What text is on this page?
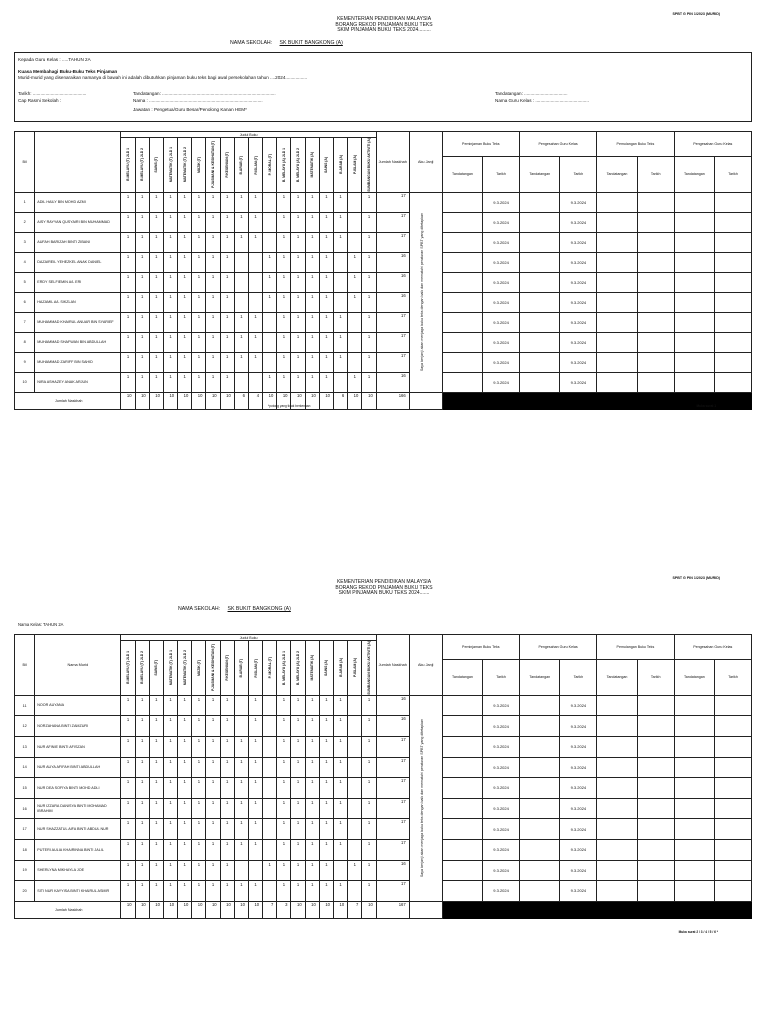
SPBT G PIN 1/2023 (MURID)
KEMENTERIAN PENDIDIKAN MALAYSIA
BORANG REKOD PINJAMAN BUKU TEKS
SKIM PINJAMAN BUKU TEKS 2024.........
NAMA SEKOLAH: SK BUKIT BANGKONG (A)
Kepada Guru Kelas : .....TAHUN 2A
Kuasa Membahagi Buku-Buku Teks Pinjaman
Murid-murid yang disenaraikan namanya di bawah ini adalah dibutuhkan pinjaman buku teks bagi awal persekolahan tahun ....2024.................
Tarikh: ..........................................
Cap Rasmi Sekolah :
Tandatangan: .........................................................................................
Nama : .........................................................................................
Jawatan : Pengetua/Guru Besar/Penolong Kanan HEM*
Tandatangan: ..................................
Nama Guru Kelas : ..........................................
Bil		Judul Buku																		Jumlah Naskhah	Aku Janji	Peminjaman Buku Teks		Pengesahan Guru Kelas		Pemulangan Buku Teks		Pengesahan Guru Kelas	

		B.MELAYU (T) JLD 1	B.MELAYU (T) JLD 2	SAINS (T)	MATEMATIK (T) JLD 1	MATEMATIK (T) JLD 2	MUZIK (T)	P.JASMANI & KESIHATAN (T)	P.KESENIAN (T)	B.ARAB (T)	P.ISLAM (T)	P. MORAL (T)	B. MELAYU (A) JLD 1	B. MELAYU (A) JLD 2	MATEMATIK (A)	SAINS (A)	B.ARAB (A)	P.ISLAM (A)	SUMBANGAN BUKU AKTIVITI (A)										

																						Tandatangan	Tarikh	Tandatangan	Tarikh	Tandatangan	Tarikh	Tandatangan	Tarikh
1	ADIL HAILY BIN MOHD AZMI	1	1	1	1	1	1	1	1	1	1		1	1	1	1	1		1	17	Saya berjanji akan menjaga buku teks dengan baik dan mematuhi peraturan SPBT yang ditetapkan		9.3.2024		9.3.2024				
2	AISY RAYYAN QUSYAIRI BIN MUHAMMAD	1	1	1	1	1	1	1	1	1	1		1	1	1	1	1		1	17			9.3.2024		9.3.2024				
3	AUFAH BARIZAH BINTI ZIBANI	1	1	1	1	1	1	1	1	1	1		1	1	1	1	1		1	17			9.3.2024		9.3.2024				
4	DAZAIREIL YEHEZKEL ANAK DANIEL	1	1	1	1	1	1	1	1			1	1	1	1	1		1	1	16			9.3.2024		9.3.2024				
5	ERDY SELFIEMIN A/L ERI	1	1	1	1	1	1	1	1			1	1	1	1	1		1	1	16			9.3.2024		9.3.2024				
6	HAZAMIL A/L SIKZLAN	1	1	1	1	1	1	1	1			1	1	1	1	1		1	1	16			9.3.2024		9.3.2024				
7	MUHAMMAD KHAIRUL ANUAR BIN SYARIEF	1	1	1	1	1	1	1	1	1	1		1	1	1	1	1		1	17			9.3.2024		9.3.2024				
8	MUHAMMAD SHAFWAN BIN ABDULLAH	1	1	1	1	1	1	1	1	1	1		1	1	1	1	1		1	17			9.3.2024		9.3.2024				
9	MUHAMMAD ZARIFF BIN SAHID	1	1	1	1	1	1	1	1	1	1		1	1	1	1	1		1	17			9.3.2024		9.3.2024				
10	NIRA ASHAZEY ANAK ARJUN	1	1	1	1	1	1	1	1			1	1	1	1	1		1	1	16			9.3.2024		9.3.2024				
Jumlah Naskhah		10	10	10	10	10	10	10	10	6	4	10	10	10	10	10	6	10	10	166									
*potong yang tidak berkenaan	Muka surat 1
SPBT G PIN 1/2023 (MURID)
KEMENTERIAN PENDIDIKAN MALAYSIA
BORANG REKOD PINJAMAN BUKU TEKS
SKIM PINJAMAN BUKU TEKS 2024.......
NAMA SEKOLAH: SK BUKIT BANGKONG (A)
Nama Kelas: TAHUN 2A
Bil	Nama Murid	Judul Buku																		Jumlah Naskhah	Aku Janji	Peminjaman Buku Teks		Pengesahan Guru Kelas		Pemulangan Buku Teks		Pengesahan Guru Kelas	

		B.MELAYU (T) JLD 1	B.MELAYU (T) JLD 2	SAINS (T)	MATEMATIK (T) JLD 1	MATEMATIK (T) JLD 2	MUZIK (T)	P.JASMANI & KESIHATAN (T)	P.KESENIAN (T)	B.ARAB (T)	P.ISLAM (T)	P. MORAL (T)	B. MELAYU (A) JLD 1	B. MELAYU (A) JLD 2	MATEMATIK (A)	SAINS (A)	B.ARAB (A)	P.ISLAM (A)	SUMBANGAN BUKU AKTIVITI (A)										

																						Tandatangan	Tarikh	Tandatangan	Tarikh	Tandatangan	Tarikh	Tandatangan	Tarikh
11	NOOR AUYANA	1	1	1	1	1	1	1	1		1		1	1	1	1	1		1	16	Saya berjanji akan menjaga buku teks dengan baik dan mematuhi peraturan SPBT yang ditetapkan		9.3.2024		9.3.2024				
12	NORZAHANA BINTI ZAMZURI	1	1	1	1	1	1	1	1		1		1	1	1	1	1		1	16			9.3.2024		9.3.2024				
13	NUR AFINIE BINTI AFISZAN	1	1	1	1	1	1	1	1	1	1		1	1	1	1	1		1	17			9.3.2024		9.3.2024				
14	NUR AUYA AFIFAH BINTI ABDULLAH	1	1	1	1	1	1	1	1	1	1		1	1	1	1	1		1	17			9.3.2024		9.3.2024				
15	NUR DEA SOFIYA BINTI MOHD ADLI	1	1	1	1	1	1	1	1	1	1		1	1	1	1	1		1	17			9.3.2024		9.3.2024				
16	NUR IZZARA DANISYA BINTI MOHAMAD IBRAHIM	1	1	1	1	1	1	1	1	1	1		1	1	1	1	1		1	17			9.3.2024		9.3.2024				
17	NUR SHAZZATUL AIFA BINTI ABDUL NUR	1	1	1	1	1	1	1	1	1	1		1	1	1	1	1		1	17			9.3.2024		9.3.2024				
18	PUTERI AULIA KHAIRINNA BINTI JALIL	1	1	1	1	1	1	1	1	1	1		1	1	1	1	1		1	17			9.3.2024		9.3.2024				
19	SHERLYNA MIKHAYLA JOE	1	1	1	1	1	1	1	1			1	1	1	1	1		1	1	16			9.3.2024		9.3.2024				
20	SITI NUR KAYYISA BINTI KHAIRUL ASMIR	1	1	1	1	1	1	1	1	1	1		1	1	1	1	1		1	17			9.3.2024		9.3.2024				
Jumlah Naskhah		10	10	10	10	10	10	10	10	10	10	7	3	10	10	10	10	7	10	167									
Muka surat 2 / 3 / 4 / 5 / 6 *
